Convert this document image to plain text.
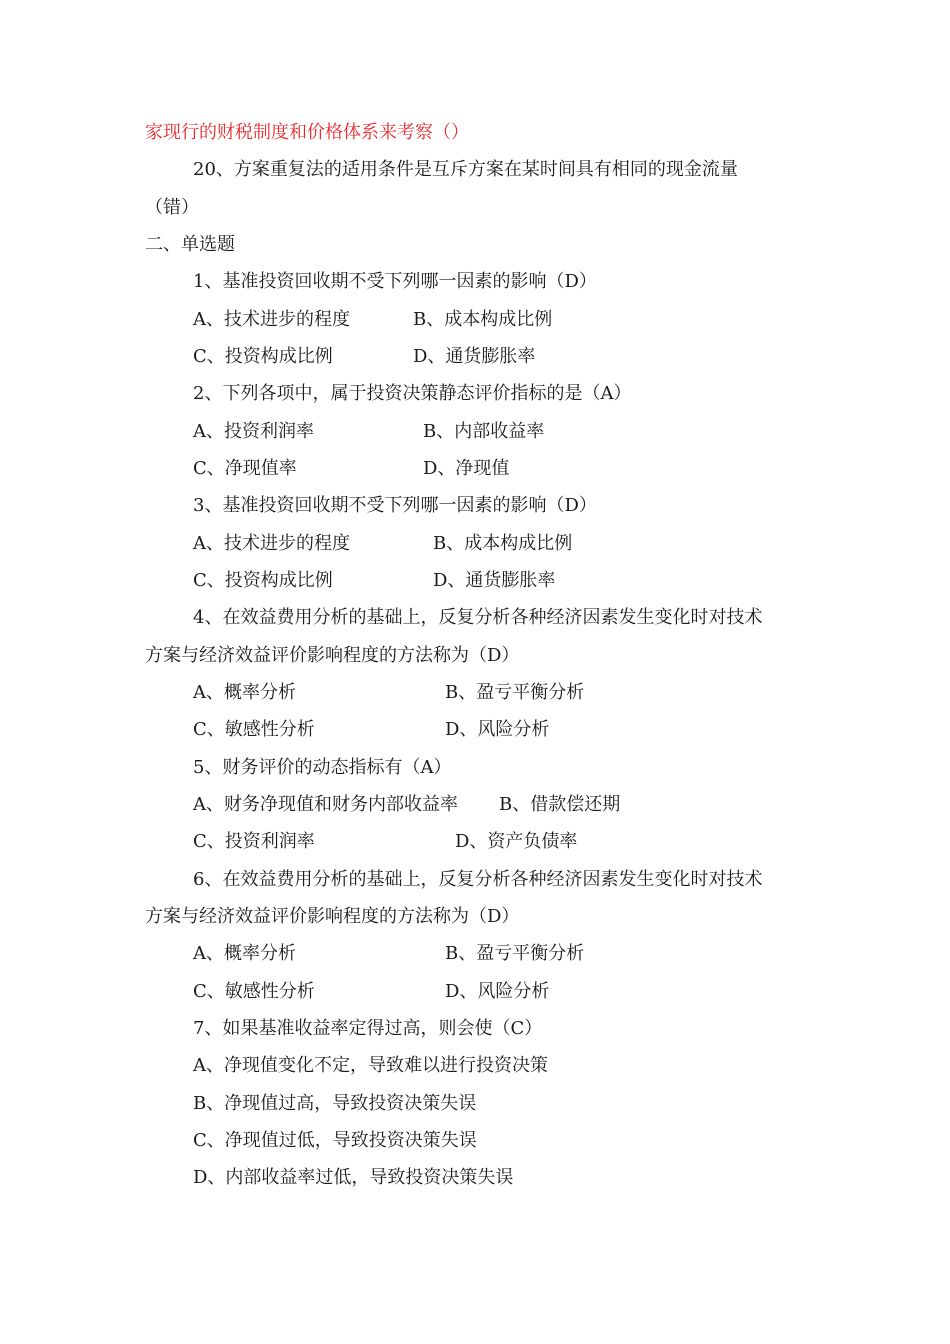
家现行的财税制度和价格体系来考察（）
20、方案重复法的适用条件是互斥方案在某时间具有相同的现金流量
（错）
二、单选题
1、基准投资回收期不受下列哪一因素的影响（D）
A、技术进步的程度	B、成本构成比例
C、投资构成比例	D、通货膨胀率
2、下列各项中，属于投资决策静态评价指标的是（A）
A、投资利润率	B、内部收益率
C、净现值率	D、净现值
3、基准投资回收期不受下列哪一因素的影响（D）
A、技术进步的程度	B、成本构成比例
C、投资构成比例	D、通货膨胀率
4、在效益费用分析的基础上，反复分析各种经济因素发生变化时对技术
方案与经济效益评价影响程度的方法称为（D）
A、概率分析	B、盈亏平衡分析
C、敏感性分析	D、风险分析
5、财务评价的动态指标有（A）
A、财务净现值和财务内部收益率 B、借款偿还期
C、投资利润率	D、资产负债率
6、在效益费用分析的基础上，反复分析各种经济因素发生变化时对技术
方案与经济效益评价影响程度的方法称为（D）
A、概率分析	B、盈亏平衡分析
C、敏感性分析	D、风险分析
7、如果基准收益率定得过高，则会使（C）
A、净现值变化不定，导致难以进行投资决策
B、净现值过高，导致投资决策失误
C、净现值过低，导致投资决策失误
D、内部收益率过低，导致投资决策失误
